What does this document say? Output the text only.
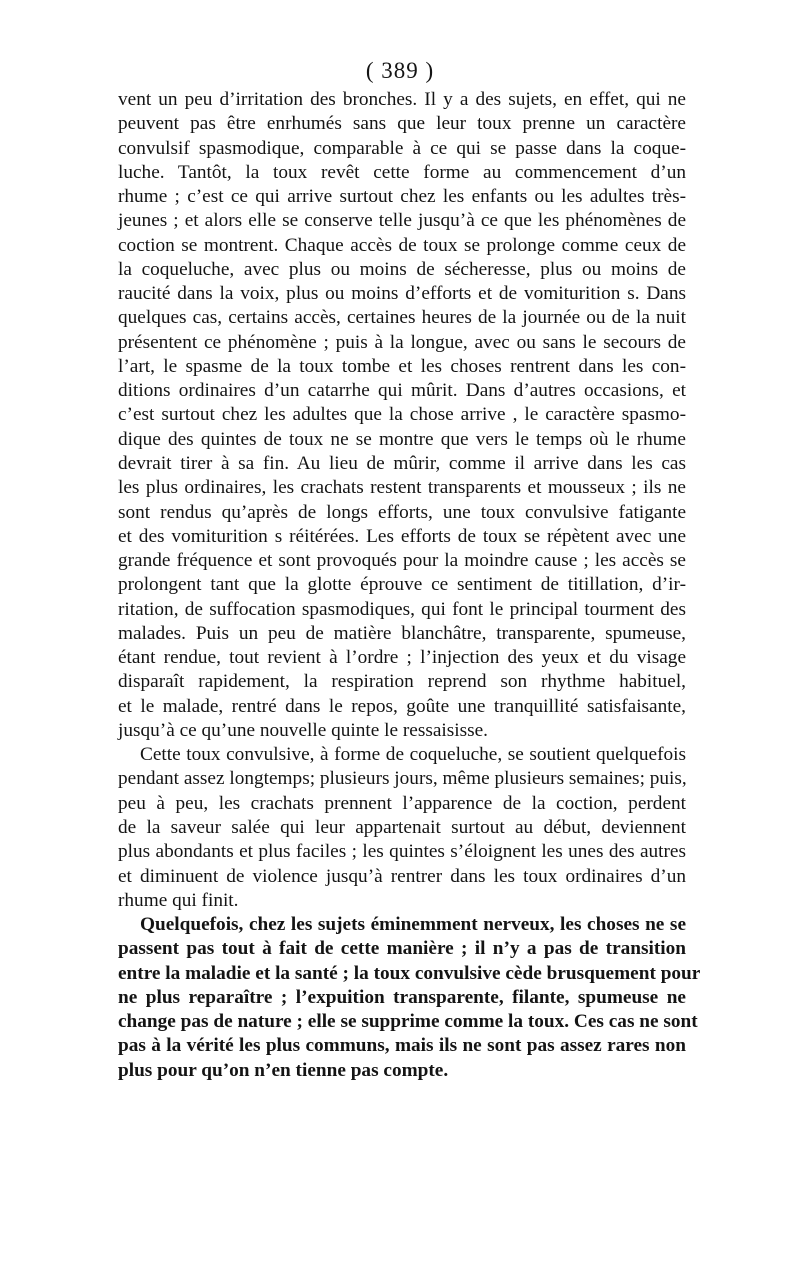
( 389 )
vent un peu d’irritation des bronches. Il y a des sujets, en effet, qui ne
peuvent pas être enrhumés sans que leur toux prenne un caractère
convulsif spasmodique, comparable à ce qui se passe dans la coque-
luche. Tantôt, la toux revêt cette forme au commencement d’un
rhume ; c’est ce qui arrive surtout chez les enfants ou les adultes très-
jeunes ; et alors elle se conserve telle jusqu’à ce que les phénomènes de
coction se montrent. Chaque accès de toux se prolonge comme ceux de
la coqueluche, avec plus ou moins de sécheresse, plus ou moins de
raucité dans la voix, plus ou moins d’efforts et de vomiturition s. Dans
quelques cas, certains accès, certaines heures de la journée ou de la nuit
présentent ce phénomène ; puis à la longue, avec ou sans le secours de
l’art, le spasme de la toux tombe et les choses rentrent dans les con-
ditions ordinaires d’un catarrhe qui mûrit. Dans d’autres occasions, et
c’est surtout chez les adultes que la chose arrive , le caractère spasmo-
dique des quintes de toux ne se montre que vers le temps où le rhume
devrait tirer à sa fin. Au lieu de mûrir, comme il arrive dans les cas
les plus ordinaires, les crachats restent transparents et mousseux ; ils ne
sont rendus qu’après de longs efforts, une toux convulsive fatigante
et des vomiturition s réitérées. Les efforts de toux se répètent avec une
grande fréquence et sont provoqués pour la moindre cause ; les accès se
prolongent tant que la glotte éprouve ce sentiment de titillation, d’ir-
ritation, de suffocation spasmodiques, qui font le principal tourment des
malades. Puis un peu de matière blanchâtre, transparente, spumeuse,
étant rendue, tout revient à l’ordre ; l’injection des yeux et du visage
disparaît rapidement, la respiration reprend son rhythme habituel,
et le malade, rentré dans le repos, goûte une tranquillité satisfaisante,
jusqu’à ce qu’une nouvelle quinte le ressaisisse.
Cette toux convulsive, à forme de coqueluche, se soutient quelquefois
pendant assez longtemps; plusieurs jours, même plusieurs semaines; puis,
peu à peu, les crachats prennent l’apparence de la coction, perdent
de la saveur salée qui leur appartenait surtout au début, deviennent
plus abondants et plus faciles ; les quintes s’éloignent les unes des autres
et diminuent de violence jusqu’à rentrer dans les toux ordinaires d’un
rhume qui finit.
Quelquefois, chez les sujets éminemment nerveux, les choses ne se
passent pas tout à fait de cette manière ; il n’y a pas de transition
entre la maladie et la santé ; la toux convulsive cède brusquement pour
ne plus reparaître ; l’expuition transparente, filante, spumeuse ne
change pas de nature ; elle se supprime comme la toux. Ces cas ne sont
pas à la vérité les plus communs, mais ils ne sont pas assez rares non
plus pour qu’on n’en tienne pas compte.
